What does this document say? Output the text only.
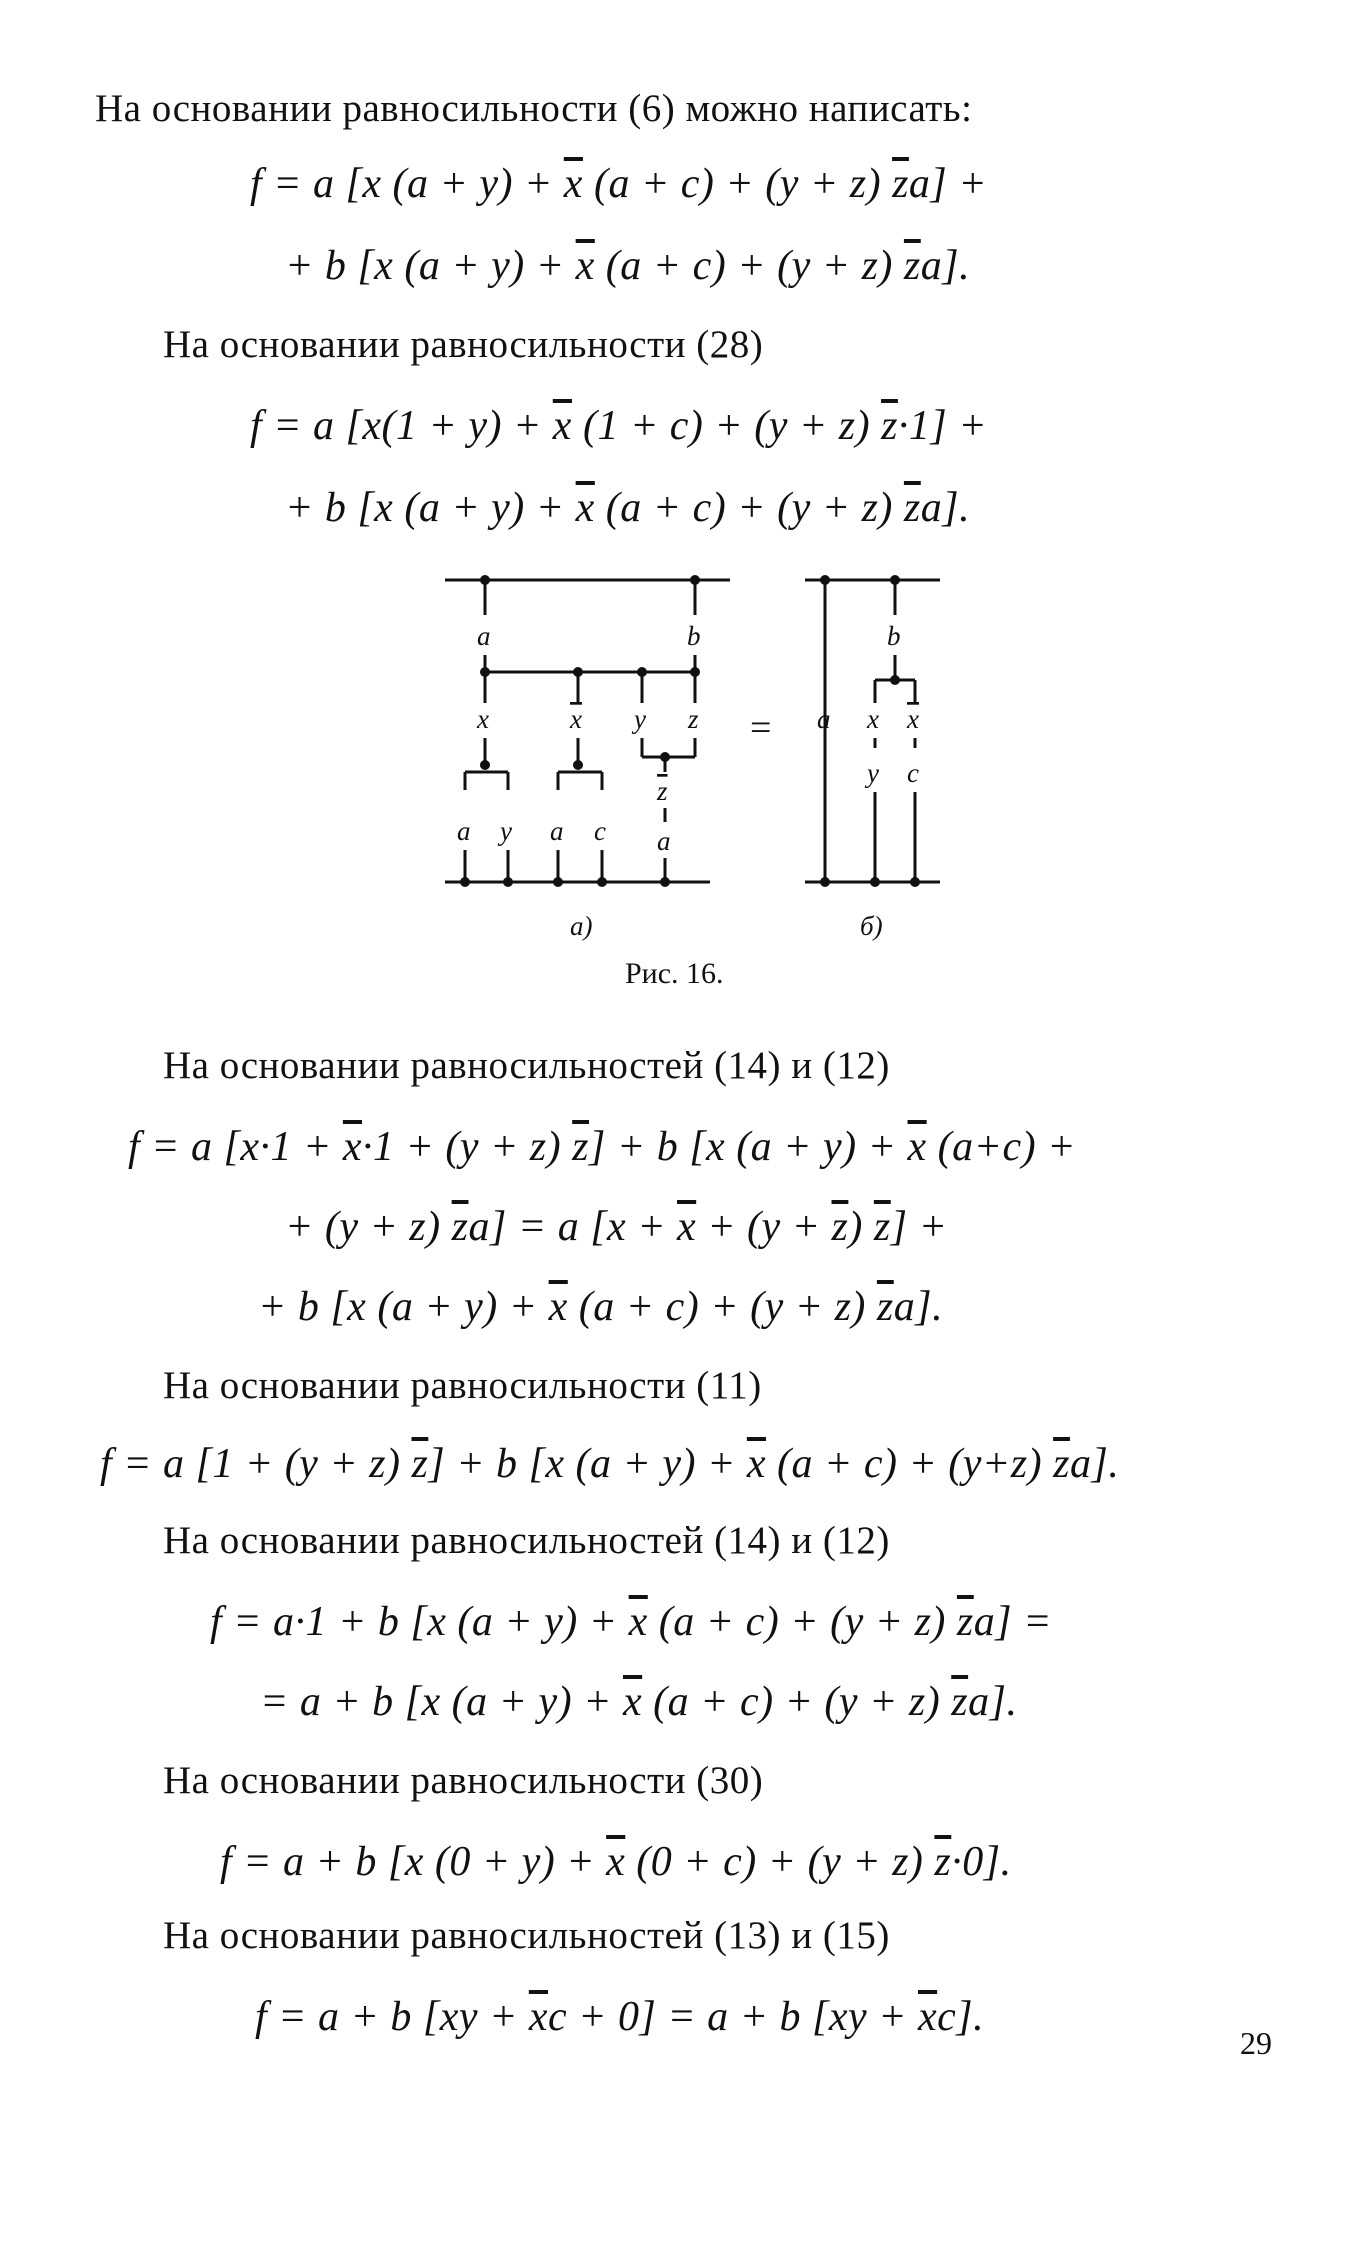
На основании равносильности (6) можно написать:
f = a [x $(a + y) + \overline{x}$ (a + c) + (y + z) $\overline{z}a$] +
+ b [x $(a + y) + \overline{x}$ (a + c) + (y + z) $\overline{z}a$].
На основании равносильности (28)
f = a [$x(1 + y) + \overline{x}$ (1 + c) + (y + z) $\overline{z}\cdot 1$] +
+ b [x $(a + y) + \overline{x}$ (a + c) + (y + z) $\overline{z}a$].
a	b
x	x y z
z
a
a y a c
=
b
a x x
y c
а)	б)
Рис. 16.
На основании равносильностей (14) и (12)
f = a $[x\cdot 1 + \overline{x}\cdot 1 + (y + z) \overline{z}] + b$ [x $(a + y) + \overline{x}$ (a+c) +
+ (y + z) $\overline{z}a] = a$ $[x + \overline{x} + (y + \overline{z}) \overline{z}]$ +
+ b [x $(a + y) + \overline{x}$ (a + c) + (y + z) $\overline{z}a$].
На основании равносильности (11)
f = a [1 + (y + z) $\overline{z}] + b$ [x $(a + y) + \overline{x}$ (a + c) + (y+z) $\overline{z}a$].
На основании равносильностей (14) и (12)
f = a·1 + b [x $(a + y) + \overline{x}$ (a + c) + (y + z) $\overline{z}a$] =
= a + b [x $(a + y) + \overline{x}$ (a + c) + (y + z) $\overline{z}a$].
На основании равносильности (30)
f = a + b [x $(0 + y) + \overline{x}$ (0 + c) + (y + z) $\overline{z}\cdot 0$].
На основании равносильностей (13) и (15)
f = a + b $[xy + \overline{x}c + 0] = a + b$ $[xy + \overline{x}c]$.
29
